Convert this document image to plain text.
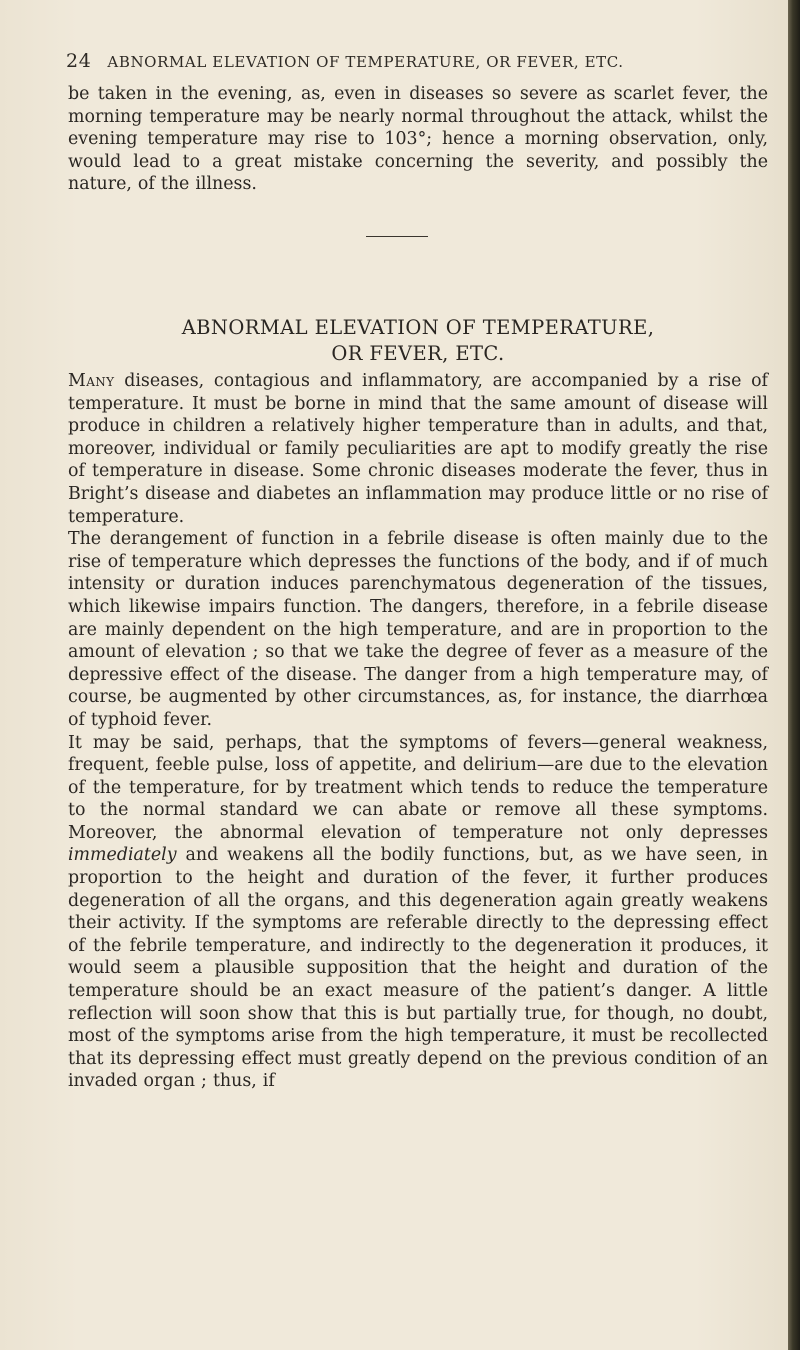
24 ABNORMAL ELEVATION OF TEMPERATURE, OR FEVER, ETC.

be taken in the evening, as, even in diseases so severe as scarlet fever, the morning temperature may be nearly normal throughout the attack, whilst the evening temperature may rise to 103°; hence a morning observation, only, would lead to a great mistake concerning the severity, and possibly the nature, of the illness.

ABNORMAL ELEVATION OF TEMPERATURE,
OR FEVER, ETC.

Many diseases, contagious and inflammatory, are accompanied by a rise of temperature. It must be borne in mind that the same amount of disease will produce in children a relatively higher temperature than in adults, and that, moreover, individual or family peculiarities are apt to modify greatly the rise of temperature in disease. Some chronic diseases moderate the fever, thus in Bright’s disease and diabetes an inflammation may produce little or no rise of temperature.

The derangement of function in a febrile disease is often mainly due to the rise of temperature which depresses the functions of the body, and if of much intensity or duration induces parenchymatous degeneration of the tissues, which likewise impairs function. The dangers, therefore, in a febrile disease are mainly dependent on the high temperature, and are in proportion to the amount of elevation ; so that we take the degree of fever as a measure of the depressive effect of the disease. The danger from a high temperature may, of course, be augmented by other circumstances, as, for instance, the diarrhœa of typhoid fever.

It may be said, perhaps, that the symptoms of fevers—general weakness, frequent, feeble pulse, loss of appetite, and delirium—are due to the elevation of the temperature, for by treatment which tends to reduce the temperature to the normal standard we can abate or remove all these symptoms. Moreover, the abnormal elevation of temperature not only depresses immediately and weakens all the bodily functions, but, as we have seen, in proportion to the height and duration of the fever, it further produces degeneration of all the organs, and this degeneration again greatly weakens their activity. If the symptoms are referable directly to the depressing effect of the febrile temperature, and indirectly to the degeneration it produces, it would seem a plausible supposition that the height and duration of the temperature should be an exact measure of the patient’s danger. A little reflection will soon show that this is but partially true, for though, no doubt, most of the symptoms arise from the high temperature, it must be recollected that its depressing effect must greatly depend on the previous condition of an invaded organ ; thus, if
